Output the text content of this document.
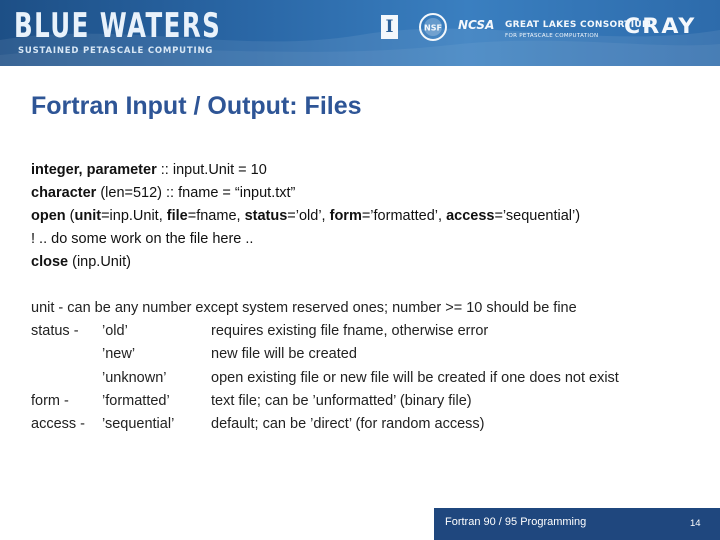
BLUE WATERS
SUSTAINED PETASCALE COMPUTING
I	NSF NCSA GREAT LAKES CONSORTIUM
FOR PETASCALE COMPUTATION CRAY
Fortran Input / Output: Files
integer, parameter :: input.Unit = 10
character (len=512) :: fname = “input.txt”
open (unit=inp.Unit, file=fname, status=’old’, form=’formatted’, access=’sequential’)
! .. do some work on the file here ..
close (inp.Unit)
unit - can be any number except system reserved ones; number >= 10 should be fine
status - ’old’	requires existing file fname, otherwise error
’new’	new file will be created
’unknown’	open existing file or new file will be created if one does not exist
form - ’formatted’	text file; can be ’unformatted’ (binary file)
access - ’sequential’	default; can be ’direct’ (for random access)
Fortran 90 / 95 Programming	14
